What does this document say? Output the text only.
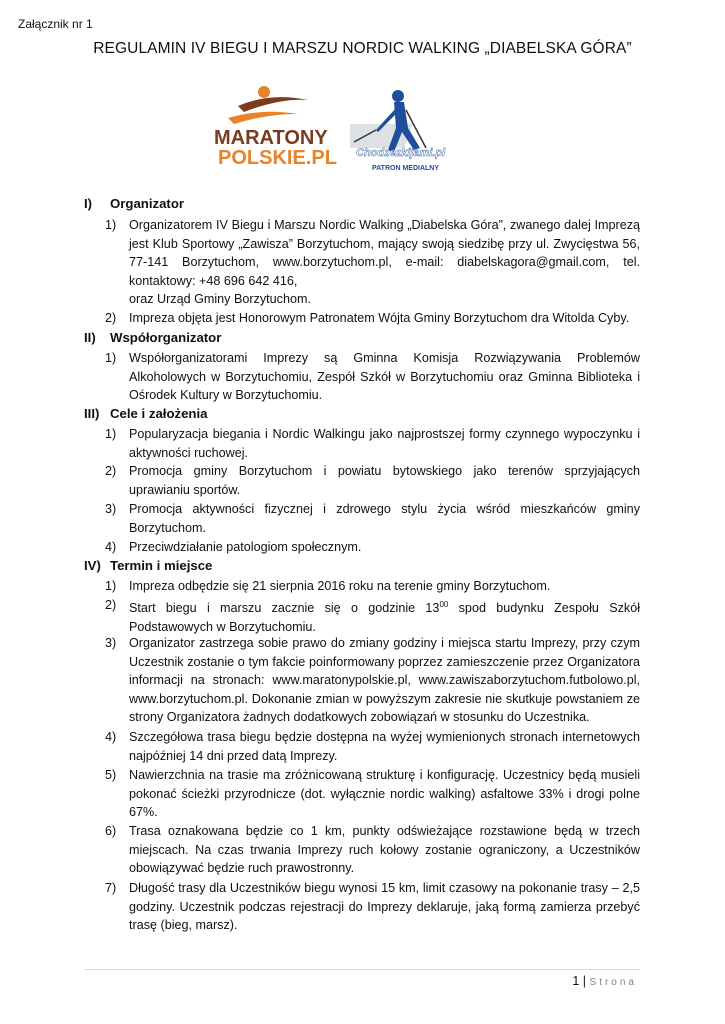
Załącznik nr 1
REGULAMIN IV BIEGU I MARSZU NORDIC WALKING „DIABELSKA GÓRA”
MARATONY
POLSKIE.PL Chodzezkijami.pl
PATRON MEDIALNY
I) Organizator
1) Organizatorem IV Biegu i Marszu Nordic Walking „Diabelska Góra”, zwanego dalej Imprezą jest Klub Sportowy „Zawisza” Borzytuchom, mający swoją siedzibę przy ul. Zwycięstwa 56, 77-141 Borzytuchom, www.borzytuchom.pl, e-mail: diabelskagora@gmail.com, tel. kontaktowy: +48 696 642 416,
oraz Urząd Gminy Borzytuchom.
2) Impreza objęta jest Honorowym Patronatem Wójta Gminy Borzytuchom dra Witolda Cyby.
II) Współorganizator
1) Współorganizatorami Imprezy są Gminna Komisja Rozwiązywania Problemów Alkoholowych w Borzytuchomiu, Zespół Szkół w Borzytuchomiu oraz Gminna Biblioteka i Ośrodek Kultury w Borzytuchomiu.
III) Cele i założenia
1) Popularyzacja biegania i Nordic Walkingu jako najprostszej formy czynnego wypoczynku i aktywności ruchowej.
2) Promocja gminy Borzytuchom i powiatu bytowskiego jako terenów sprzyjających uprawianiu sportów.
3) Promocja aktywności fizycznej i zdrowego stylu życia wśród mieszkańców gminy Borzytuchom.
4) Przeciwdziałanie patologiom społecznym.
IV) Termin i miejsce
1) Impreza odbędzie się 21 sierpnia 2016 roku na terenie gminy Borzytuchom.
2) Start biegu i marszu zacznie się o godzinie $13^{00}$ spod budynku Zespołu Szkół Podstawowych w Borzytuchomiu.
3) Organizator zastrzega sobie prawo do zmiany godziny i miejsca startu Imprezy, przy czym Uczestnik zostanie o tym fakcie poinformowany poprzez zamieszczenie przez Organizatora informacji na stronach: www.maratonypolskie.pl, www.zawiszaborzytuchom.futbolowo.pl, www.borzytuchom.pl. Dokonanie zmian w powyższym zakresie nie skutkuje powstaniem ze strony Organizatora żadnych dodatkowych zobowiązań w stosunku do Uczestnika.
4) Szczegółowa trasa biegu będzie dostępna na wyżej wymienionych stronach internetowych najpóźniej 14 dni przed datą Imprezy.
5) Nawierzchnia na trasie ma zróżnicowaną strukturę i konfigurację. Uczestnicy będą musieli pokonać ścieżki przyrodnicze (dot. wyłącznie nordic walking) asfaltowe 33% i drogi polne 67%.
6) Trasa oznakowana będzie co 1 km, punkty odświeżające rozstawione będą w trzech miejscach. Na czas trwania Imprezy ruch kołowy zostanie ograniczony, a Uczestników obowiązywać będzie ruch prawostronny.
7) Długość trasy dla Uczestników biegu wynosi 15 km, limit czasowy na pokonanie trasy – 2,5 godziny. Uczestnik podczas rejestracji do Imprezy deklaruje, jaką formą zamierza przebyć trasę (bieg, marsz).
1 | Strona
